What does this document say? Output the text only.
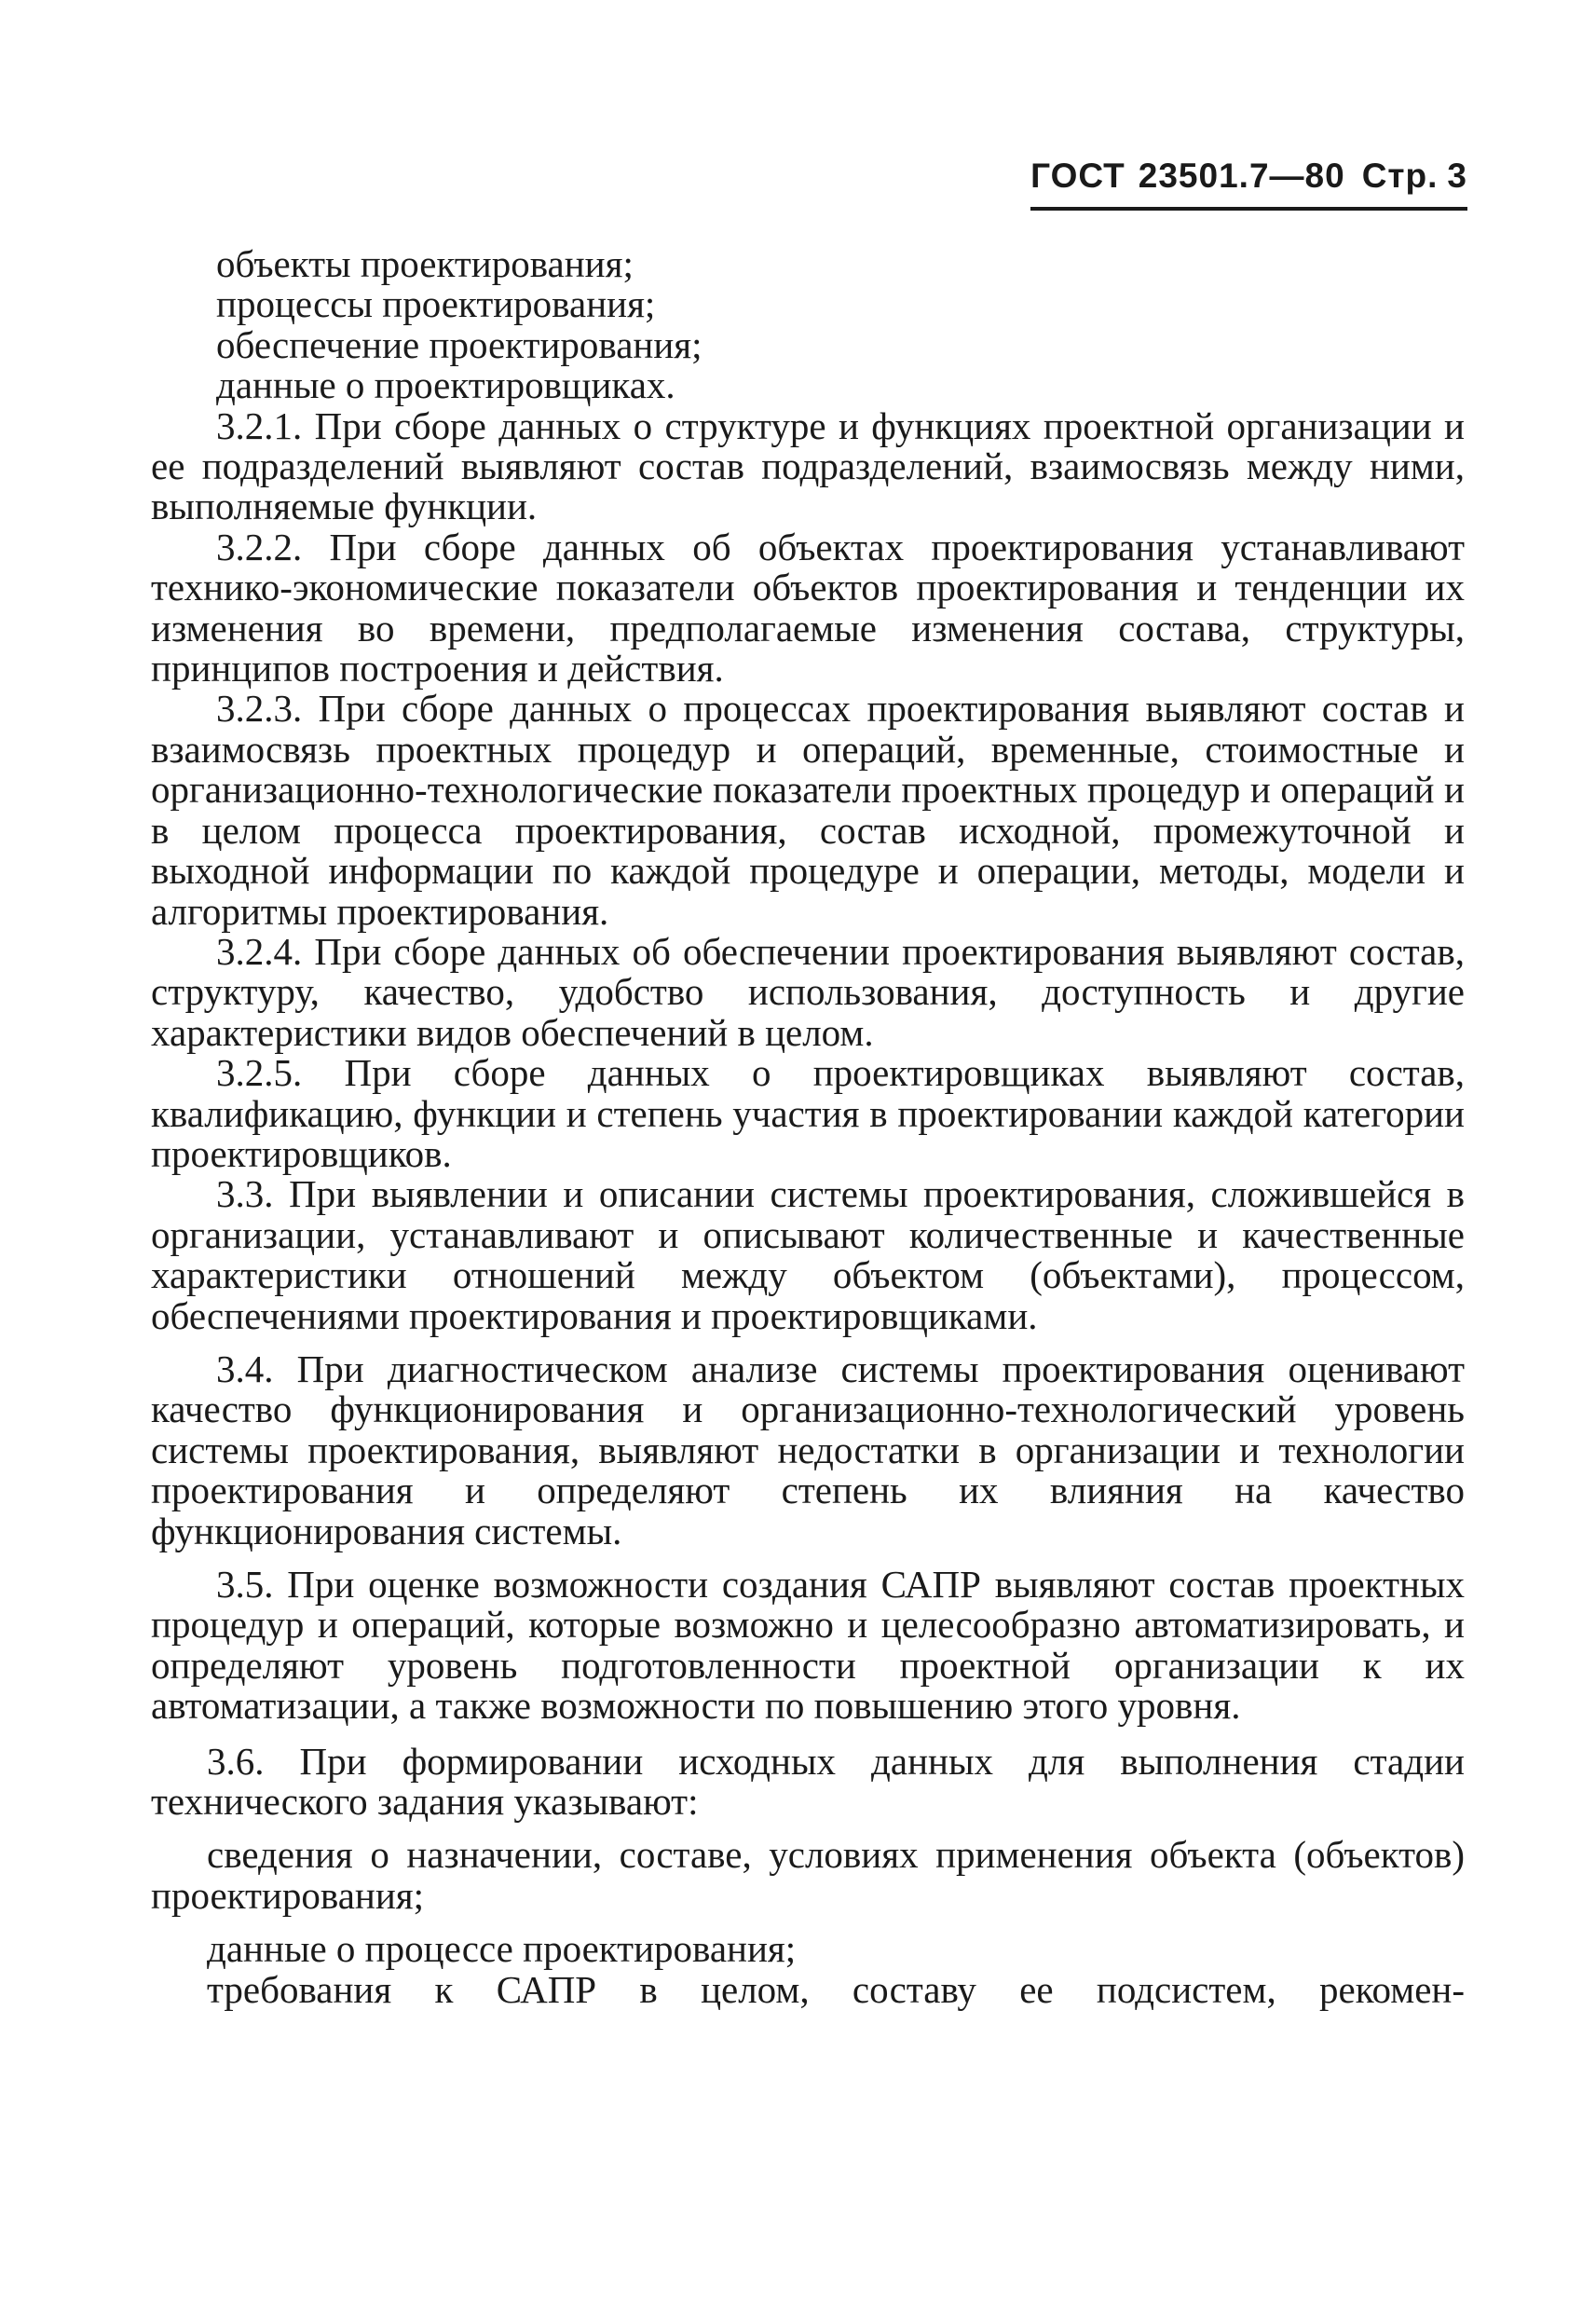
ГОСТ 23501.7—80 Стр. 3

объекты проектирования;

процессы проектирования;

обеспечение проектирования;

данные о проектировщиках.

3.2.1. При сборе данных о структуре и функциях проектной организации и ее подразделений выявляют состав подразделений, взаимосвязь между ними, выполняемые функции.

3.2.2. При сборе данных об объектах проектирования устанавливают технико-экономические показатели объектов проектирования и тенденции их изменения во времени, предполагаемые изменения состава, структуры, принципов построения и действия.

3.2.3. При сборе данных о процессах проектирования выявляют состав и взаимосвязь проектных процедур и операций, временные, стоимостные и организационно-технологические показатели проектных процедур и операций и в целом процесса проектирования, состав исходной, промежуточной и выходной информации по каждой процедуре и операции, методы, модели и алгоритмы проектирования.

3.2.4. При сборе данных об обеспечении проектирования выявляют состав, структуру, качество, удобство использования, доступность и другие характеристики видов обеспечений в целом.

3.2.5. При сборе данных о проектировщиках выявляют состав, квалификацию, функции и степень участия в проектировании каждой категории проектировщиков.

3.3. При выявлении и описании системы проектирования, сложившейся в организации, устанавливают и описывают количественные и качественные характеристики отношений между объектом (объектами), процессом, обеспечениями проектирования и проектировщиками.

3.4. При диагностическом анализе системы проектирования оценивают качество функционирования и организационно-технологический уровень системы проектирования, выявляют недостатки в организации и технологии проектирования и определяют степень их влияния на качество функционирования системы.

3.5. При оценке возможности создания САПР выявляют состав проектных процедур и операций, которые возможно и целесообразно автоматизировать, и определяют уровень подготовленности проектной организации к их автоматизации, а также возможности по повышению этого уровня.

3.6. При формировании исходных данных для выполнения стадии технического задания указывают:

сведения о назначении, составе, условиях применения объекта (объектов) проектирования;

данные о процессе проектирования;

требования к САПР в целом, составу ее подсистем, рекомен-
